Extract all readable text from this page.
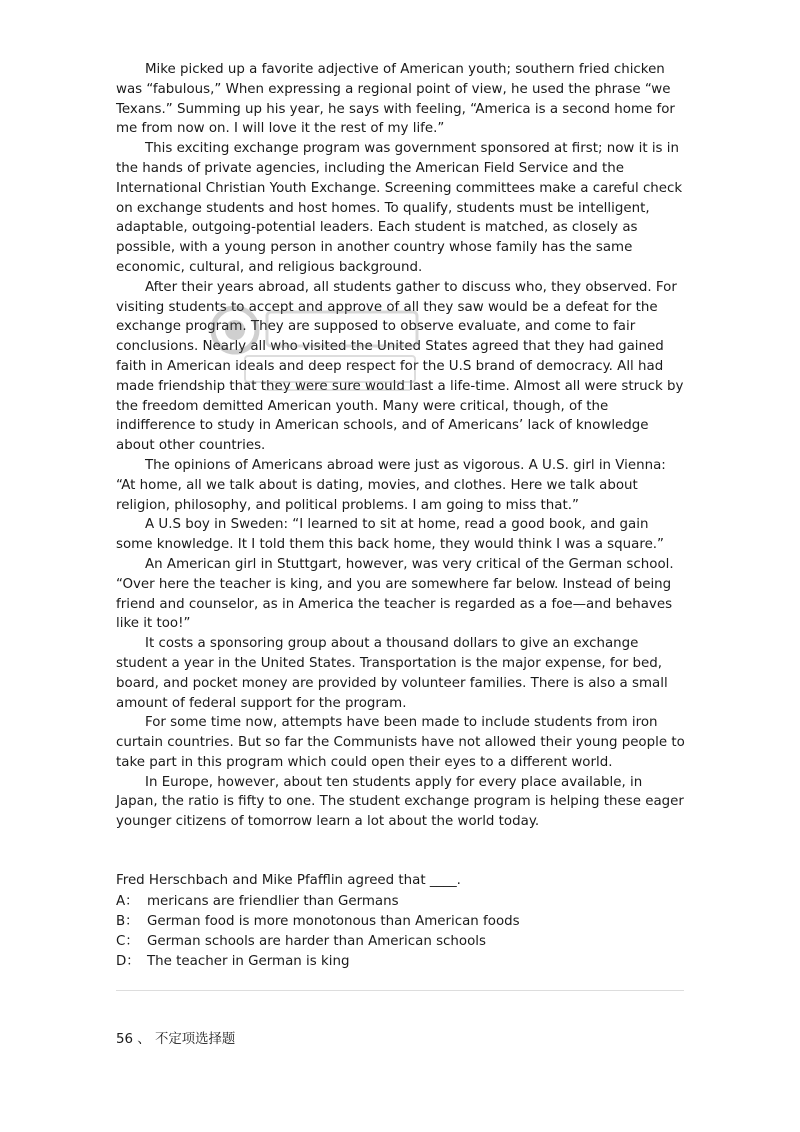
Mike picked up a favorite adjective of American youth; southern fried chicken was “fabulous,” When expressing a regional point of view, he used the phrase “we Texans.” Summing up his year, he says with feeling, “America is a second home for me from now on. I will love it the rest of my life.”

This exciting exchange program was government sponsored at first; now it is in the hands of private agencies, including the American Field Service and the International Christian Youth Exchange. Screening committees make a careful check on exchange students and host homes. To qualify, students must be intelligent, adaptable, outgoing-potential leaders. Each student is matched, as closely as possible, with a young person in another country whose family has the same economic, cultural, and religious background.

After their years abroad, all students gather to discuss who, they observed. For visiting students to accept and approve of all they saw would be a defeat for the exchange program. They are supposed to observe evaluate, and come to fair conclusions. Nearly all who visited the United States agreed that they had gained faith in American ideals and deep respect for the U.S brand of democracy. All had made friendship that they were sure would last a life-time. Almost all were struck by the freedom demitted American youth. Many were critical, though, of the indifference to study in American schools, and of Americans’ lack of knowledge about other countries.

The opinions of Americans abroad were just as vigorous. A U.S. girl in Vienna: “At home, all we talk about is dating, movies, and clothes. Here we talk about religion, philosophy, and political problems. I am going to miss that.”

A U.S boy in Sweden: “I learned to sit at home, read a good book, and gain some knowledge. It I told them this back home, they would think I was a square.”

An American girl in Stuttgart, however, was very critical of the German school. “Over here the teacher is king, and you are somewhere far below. Instead of being friend and counselor, as in America the teacher is regarded as a foe—and behaves like it too!”

It costs a sponsoring group about a thousand dollars to give an exchange student a year in the United States. Transportation is the major expense, for bed, board, and pocket money are provided by volunteer families. There is also a small amount of federal support for the program.

For some time now, attempts have been made to include students from iron curtain countries. But so far the Communists have not allowed their young people to take part in this program which could open their eyes to a different world.

In Europe, however, about ten students apply for every place available, in Japan, the ratio is fifty to one. The student exchange program is helping these eager younger citizens of tomorrow learn a lot about the world today.

Fred Herschbach and Mike Pfafflin agreed that ____.

A： mericans are friendlier than Germans

B： German food is more monotonous than American foods

C： German schools are harder than American schools

D： The teacher in German is king

56 、 不定项选择题
